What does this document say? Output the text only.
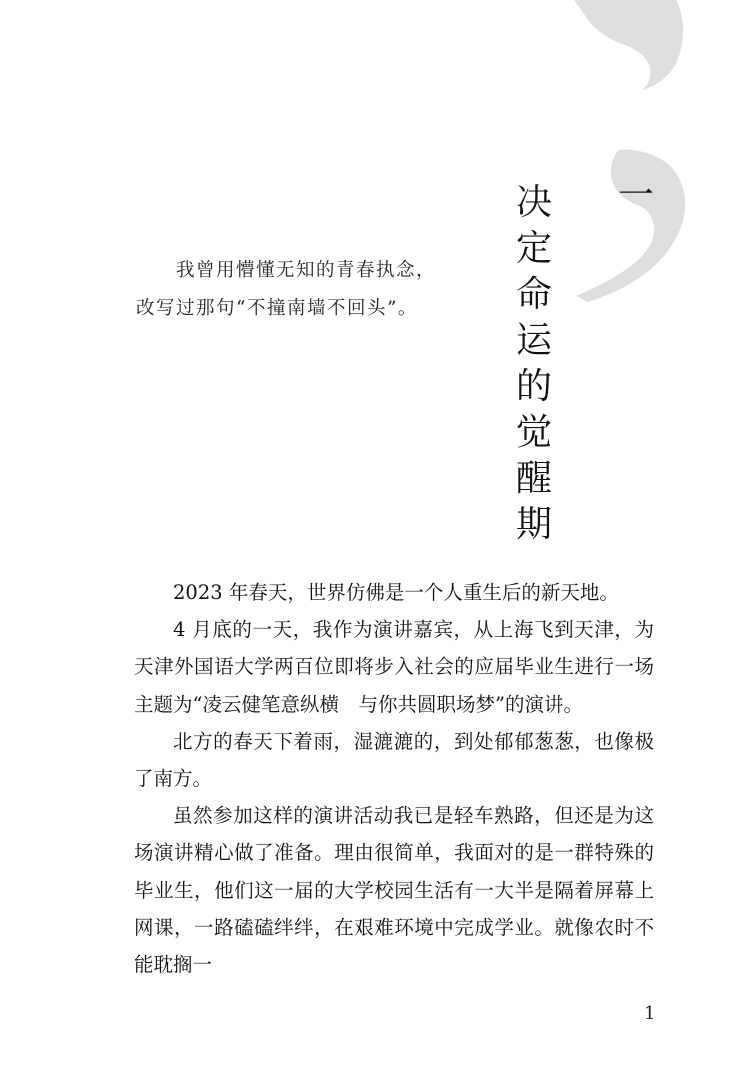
一
决定命运的觉醒期

我曾用懵懂无知的青春执念，

改写过那句“不撞南墙不回头”。

2023 年春天，世界仿佛是一个人重生后的新天地。

4 月底的一天，我作为演讲嘉宾，从上海飞到天津，为天津外国语大学两百位即将步入社会的应届毕业生进行一场主题为“凌云健笔意纵横　与你共圆职场梦”的演讲。

北方的春天下着雨，湿漉漉的，到处郁郁葱葱，也像极了南方。

虽然参加这样的演讲活动我已是轻车熟路，但还是为这场演讲精心做了准备。理由很简单，我面对的是一群特殊的毕业生，他们这一届的大学校园生活有一大半是隔着屏幕上网课，一路磕磕绊绊，在艰难环境中完成学业。就像农时不能耽搁一

1
